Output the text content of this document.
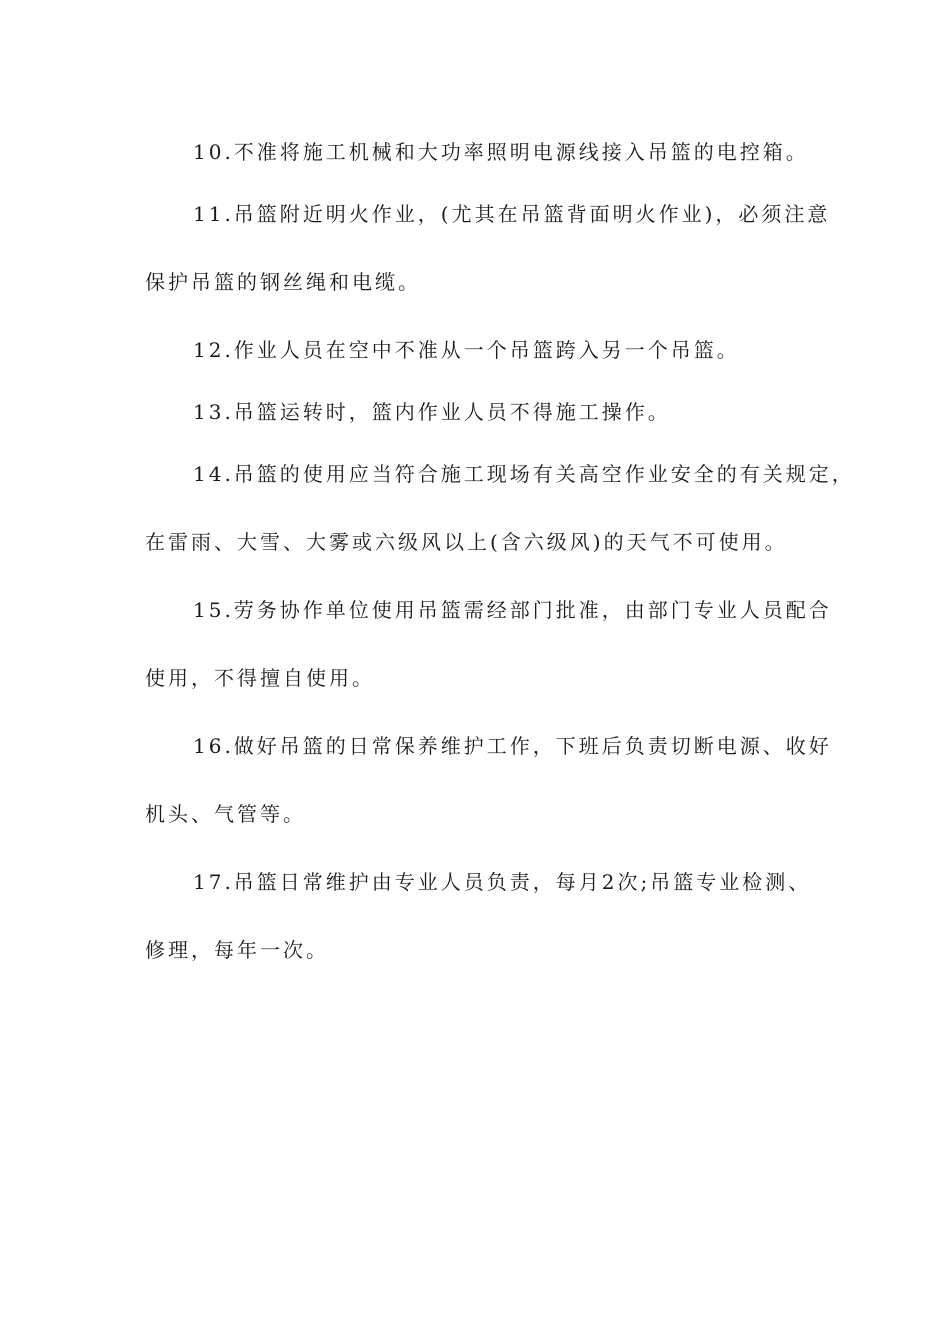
10.不准将施工机械和大功率照明电源线接入吊篮的电控箱。

11.吊篮附近明火作业，(尤其在吊篮背面明火作业)，必须注意
保护吊篮的钢丝绳和电缆。

12.作业人员在空中不准从一个吊篮跨入另一个吊篮。

13.吊篮运转时，篮内作业人员不得施工操作。

14.吊篮的使用应当符合施工现场有关高空作业安全的有关规定，
在雷雨、大雪、大雾或六级风以上(含六级风)的天气不可使用。

15.劳务协作单位使用吊篮需经部门批准，由部门专业人员配合
使用，不得擅自使用。

16.做好吊篮的日常保养维护工作，下班后负责切断电源、收好
机头、气管等。

17.吊篮日常维护由专业人员负责，每月2次;吊篮专业检测、
修理，每年一次。
